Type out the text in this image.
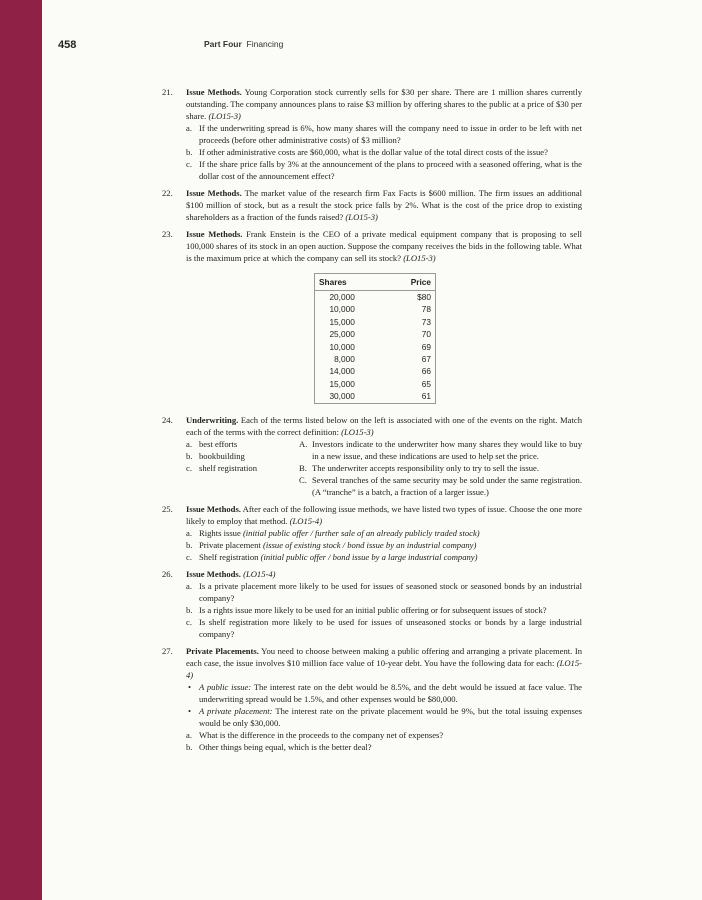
458	Part Four Financing
21. Issue Methods. Young Corporation stock currently sells for $30 per share. There are 1 million shares currently outstanding. The company announces plans to raise $3 million by offering shares to the public at a price of $30 per share. (LO15-3)

a. If the underwriting spread is 6%, how many shares will the company need to issue in order to be left with net proceeds (before other administrative costs) of $3 million?
b. If other administrative costs are $60,000, what is the dollar value of the total direct costs of the issue?
c. If the share price falls by 3% at the announcement of the plans to proceed with a seasoned offering, what is the dollar cost of the announcement effect?
22. Issue Methods. The market value of the research firm Fax Facts is $600 million. The firm issues an additional $100 million of stock, but as a result the stock price falls by 2%. What is the cost of the price drop to existing shareholders as a fraction of the funds raised? (LO15-3)

23. Issue Methods. Frank Enstein is the CEO of a private medical equipment company that is proposing to sell 100,000 shares of its stock in an open auction. Suppose the company receives the bids in the following table. What is the maximum price at which the company can sell its stock? (LO15-3)

Shares	Price
20,000	$80
10,000	78
15,000	73
25,000	70
10,000	69
8,000	67
14,000	66
15,000	65
30,000	61
24. Underwriting. Each of the terms listed below on the left is associated with one of the events on the right. Match each of the terms with the correct definition: (LO15-3)

a. best efforts
b. bookbuilding
c. shelf registration
A. Investors indicate to the underwriter how many shares they would like to buy in a new issue, and these indications are used to help set the price.
B. The underwriter accepts responsibility only to try to sell the issue.
C. Several tranches of the same security may be sold under the same registration. (A “tranche” is a batch, a fraction of a larger issue.)
25. Issue Methods. After each of the following issue methods, we have listed two types of issue. Choose the one more likely to employ that method. (LO15-4)

a. Rights issue (initial public offer / further sale of an already publicly traded stock)
b. Private placement (issue of existing stock / bond issue by an industrial company)
c. Shelf registration (initial public offer / bond issue by a large industrial company)
26. Issue Methods. (LO15-4)

a. Is a private placement more likely to be used for issues of seasoned stock or seasoned bonds by an industrial company?
b. Is a rights issue more likely to be used for an initial public offering or for subsequent issues of stock?
c. Is shelf registration more likely to be used for issues of unseasoned stocks or bonds by a large industrial company?
27. Private Placements. You need to choose between making a public offering and arranging a private placement. In each case, the issue involves $10 million face value of 10-year debt. You have the following data for each: (LO15-4)

• A public issue: The interest rate on the debt would be 8.5%, and the debt would be issued at face value. The underwriting spread would be 1.5%, and other expenses would be $80,000.
• A private placement: The interest rate on the private placement would be 9%, but the total issuing expenses would be only $30,000.
a. What is the difference in the proceeds to the company net of expenses?
b. Other things being equal, which is the better deal?
